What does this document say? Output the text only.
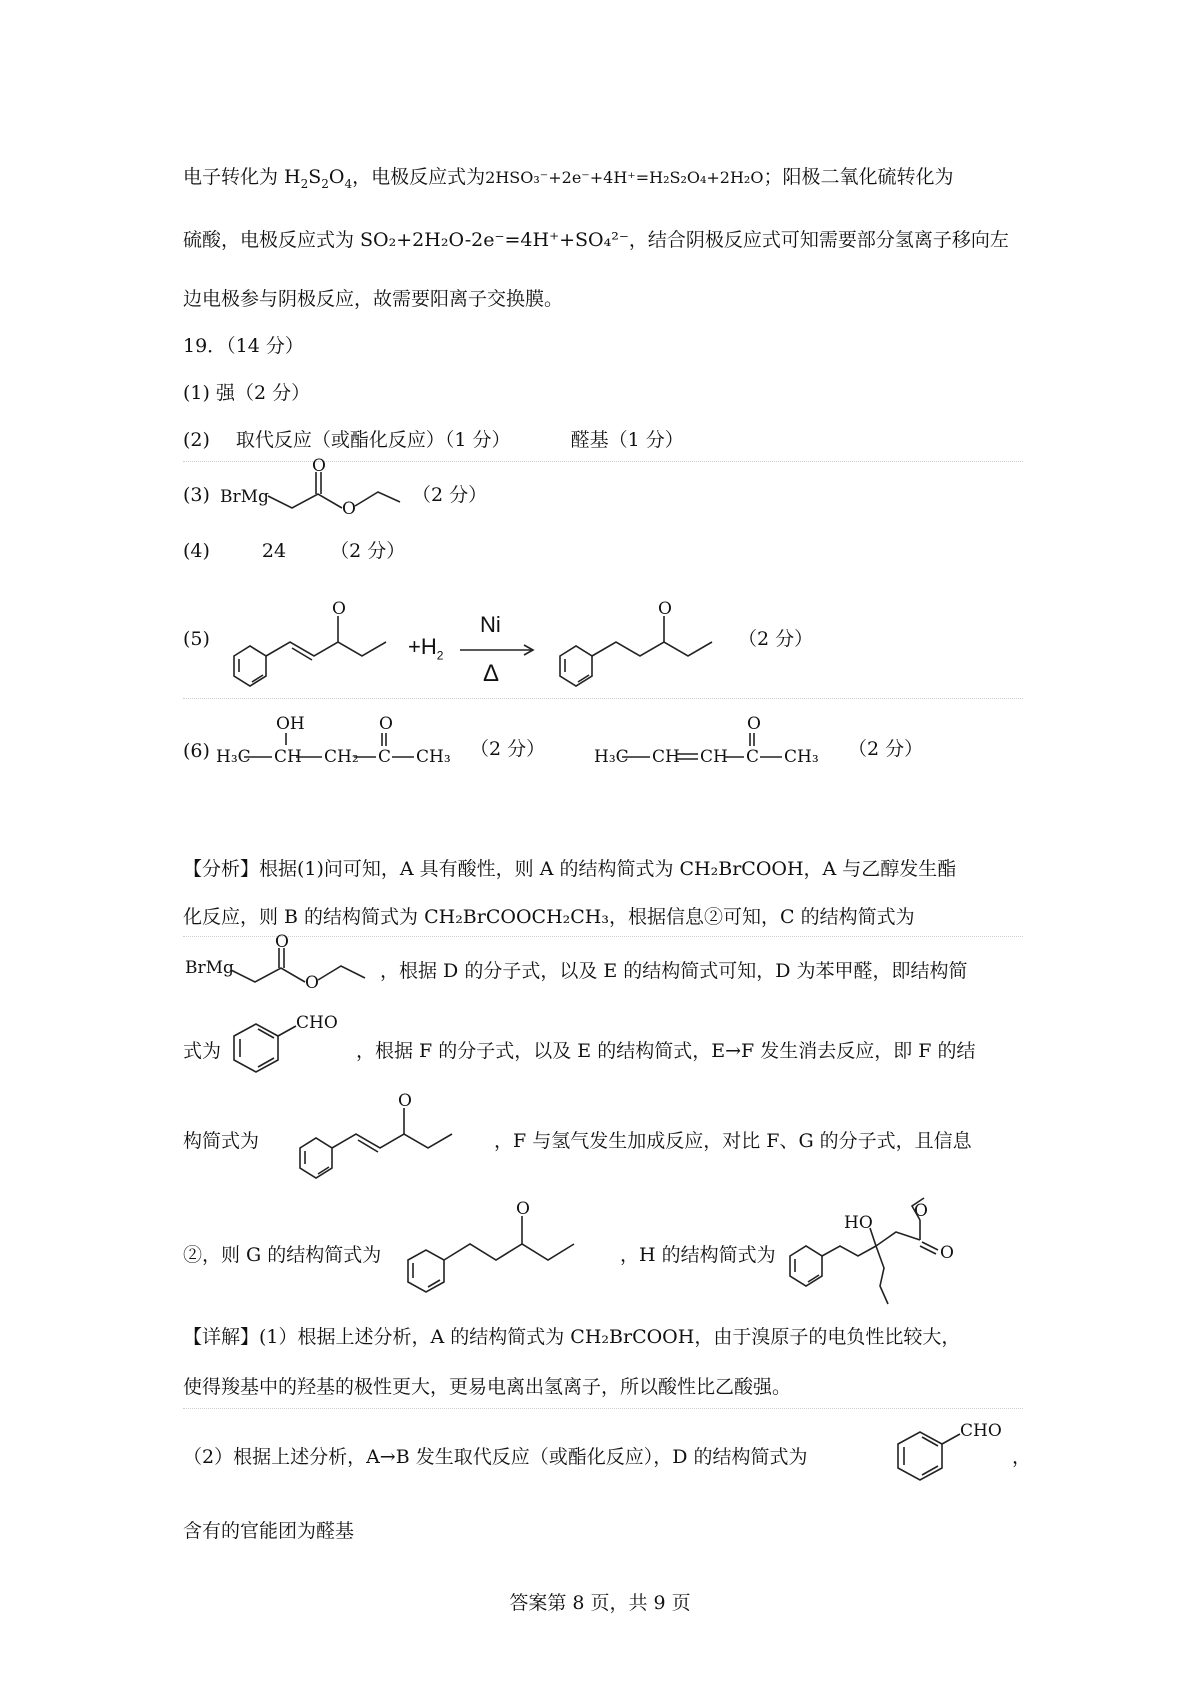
电子转化为 $H_2S_2O_4$，电极反应式为2HSO₃⁻+2e⁻+4H⁺=H₂S₂O₄+2H₂O；阳极二氧化硫转化为
硫酸，电极反应式为 SO₂+2H₂O-2e⁻=4H⁺+SO₄²⁻，结合阴极反应式可知需要部分氢离子移向左
边电极参与阴极反应，故需要阳离子交换膜。
19．（14 分）
(1) 强（2 分）
(2) 取代反应（或酯化反应）（1 分）	醛基（1 分）
(3) BrMg
O
O
（2 分）
(4)	24 （2 分）
(5)
O
$+H_2$
Ni
Δ
O
（2 分）
(6)
OH
H₃C CH CH₂
O
C CH₃ （2 分）	H₃C CH CH
O
C CH₃ （2 分）
【分析】根据(1)问可知，A 具有酸性，则 A 的结构简式为 CH₂BrCOOH，A 与乙醇发生酯
化反应，则 B 的结构简式为 CH₂BrCOOCH₂CH₃，根据信息②可知，C 的结构简式为
BrMg
O
O
，根据 D 的分子式，以及 E 的结构简式可知，D 为苯甲醛，即结构简
式为
CHO
，根据 F 的分子式，以及 E 的结构简式，E→F 发生消去反应，即 F 的结
构简式为
O
，F 与氢气发生加成反应，对比 F、G 的分子式，且信息
②，则 G 的结构简式为
O
，H 的结构简式为
HO
O
O
【详解】(1）根据上述分析，A 的结构简式为 CH₂BrCOOH，由于溴原子的电负性比较大，
使得羧基中的羟基的极性更大，更易电离出氢离子，所以酸性比乙酸强。
（2）根据上述分析，A→B 发生取代反应（或酯化反应），D 的结构简式为
CHO
，
含有的官能团为醛基
答案第 8 页，共 9 页
